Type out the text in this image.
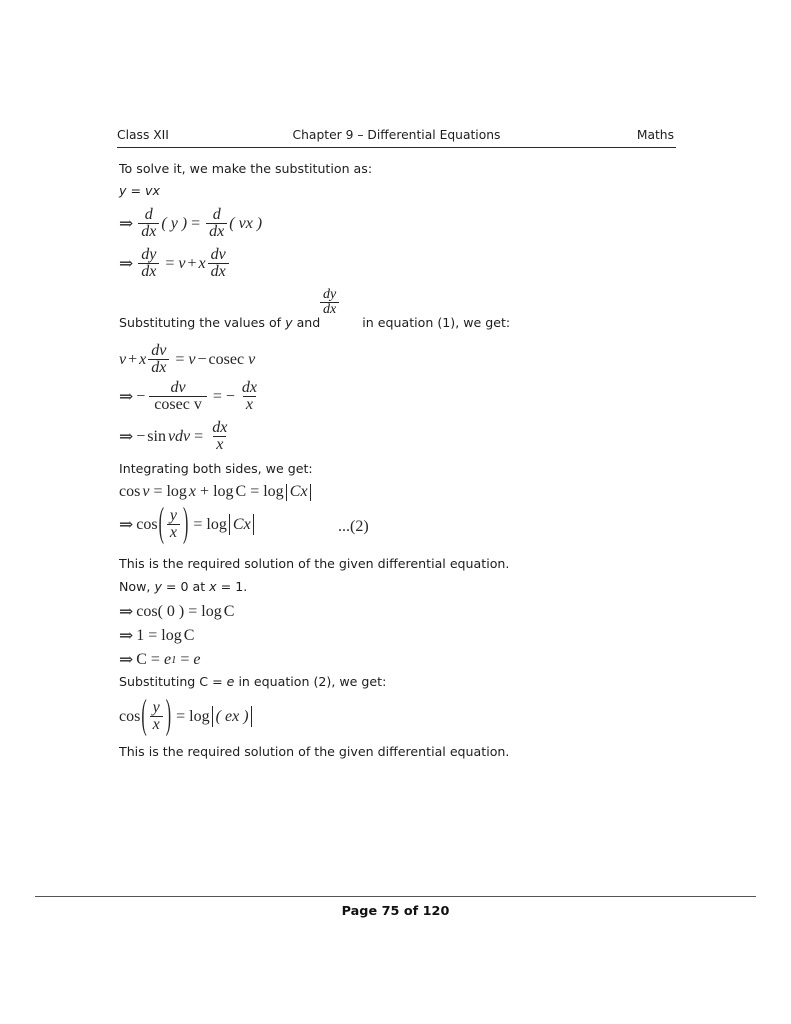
Class XII	Chapter 9 – Differential Equations	Maths
To solve it, we make the substitution as:
y = vx
⇒ $\frac{d}{dx}$ ( y ) = $\frac{d}{dx}$ ( vx )
⇒ $\frac{dy}{dx} = v + x \frac{dv}{dx}$
Substituting the values of y and	in equation (1), we get:
$\frac{dy}{dx}$
v + x $\frac{dv}{dx} = v - cosec$ v
⇒ − $\frac{dv}{\text{cosec v}}$ = − $\frac{dx}{x}$
⇒ − sin vdv = $\frac{dx}{x}$
Integrating both sides, we get:
cos v = log x + log C = log Cx
⇒ cos ( $\frac{y}{x}$ ) = log Cx	...(2)
This is the required solution of the given differential equation.
Now, y = 0 at x = 1.
⇒ cos ( 0 ) = log C
⇒ 1 = log C
⇒ C = e 1 = e
Substituting C = e in equation (2), we get:
cos ( $\frac{y}{x}$ ) = log ( ex )
This is the required solution of the given differential equation.
Page 75 of 120
